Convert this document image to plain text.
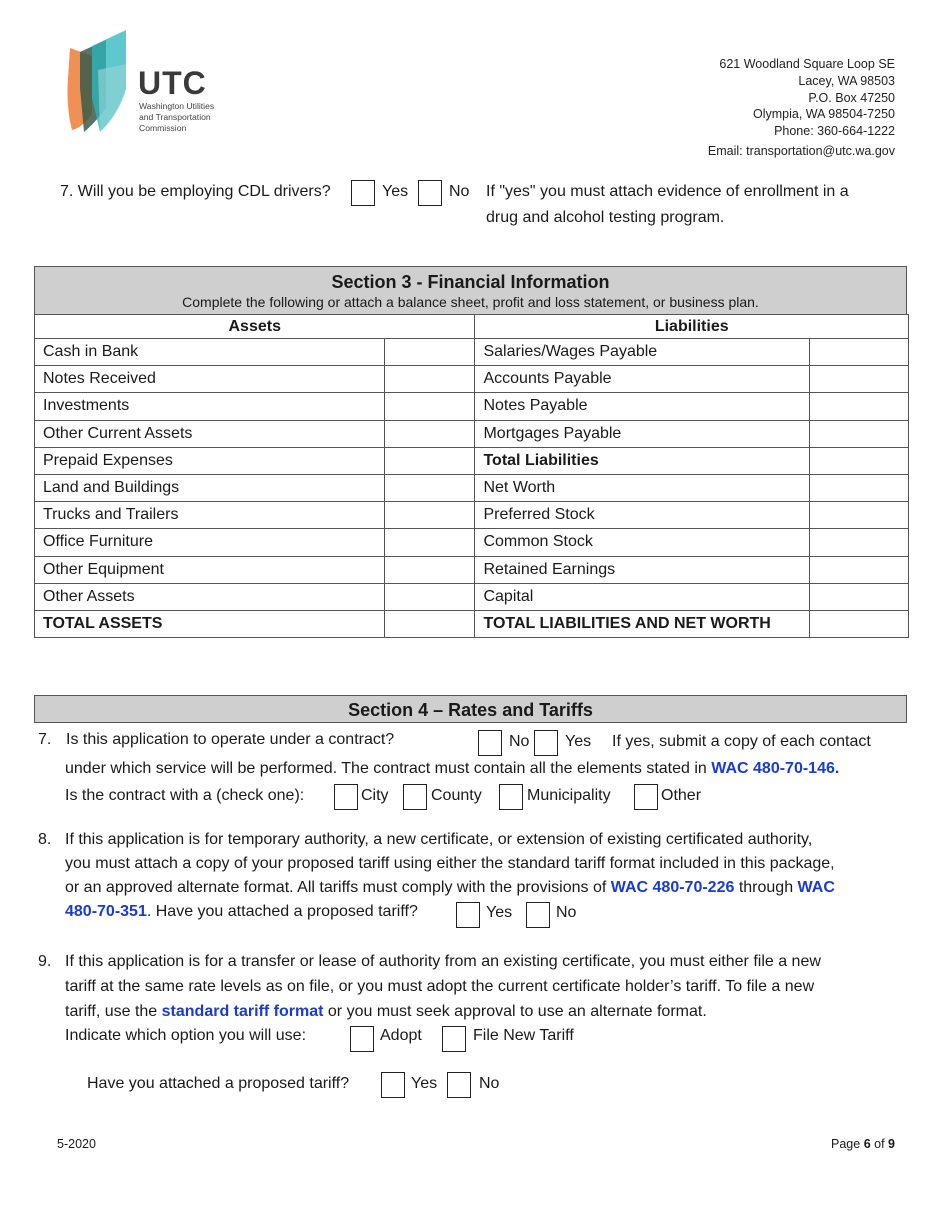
UTC
Washington Utilities
and Transportation
Commission
621 Woodland Square Loop SE
Lacey, WA 98503
P.O. Box 47250
Olympia, WA 98504-7250
Phone: 360-664-1222
Email: transportation@utc.wa.gov
7. Will you be employing CDL drivers?	Yes	No If "yes" you must attach evidence of enrollment in a
drug and alcohol testing program.
Section 3 - Financial Information
Complete the following or attach a balance sheet, profit and loss statement, or business plan.
Assets		Liabilities	
Cash in Bank		Salaries/Wages Payable	
Notes Received		Accounts Payable	
Investments		Notes Payable	
Other Current Assets		Mortgages Payable	
Prepaid Expenses		Total Liabilities	
Land and Buildings		Net Worth	
Trucks and Trailers		Preferred Stock	
Office Furniture		Common Stock	
Other Equipment		Retained Earnings	
Other Assets		Capital	
TOTAL ASSETS		TOTAL LIABILITIES AND NET WORTH	
Section 4 – Rates and Tariffs
7. Is this application to operate under a contract?	No Yes If yes, submit a copy of each contact
under which service will be performed. The contract must contain all the elements stated in WAC 480-70-146.
Is the contract with a (check one):	City	County	Municipality	Other
8. If this application is for temporary authority, a new certificate, or extension of existing certificated authority,
you must attach a copy of your proposed tariff using either the standard tariff format included in this package,
or an approved alternate format. All tariffs must comply with the provisions of WAC 480-70-226 through WAC
480-70-351. Have you attached a proposed tariff?	Yes	No
9. If this application is for a transfer or lease of authority from an existing certificate, you must either file a new
tariff at the same rate levels as on file, or you must adopt the current certificate holder’s tariff. To file a new
tariff, use the standard tariff format or you must seek approval to use an alternate format.
Indicate which option you will use:	Adopt	File New Tariff
Have you attached a proposed tariff?	Yes	No
5-2020	Page 6 of 9
